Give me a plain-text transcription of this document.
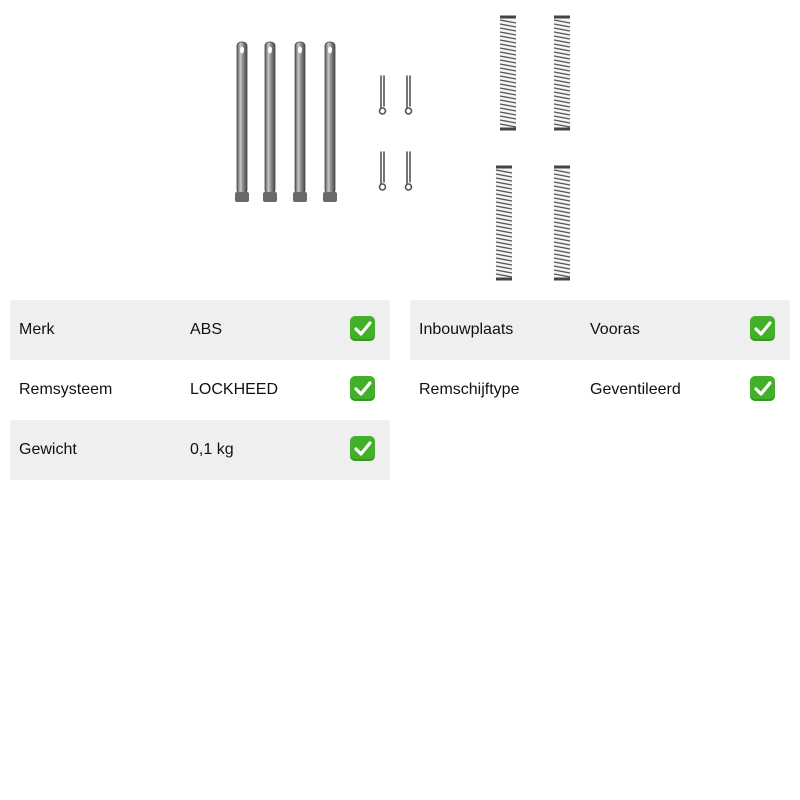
Merk	ABS
Remsysteem	LOCKHEED
Gewicht	0,1 kg
Inbouwplaats	Vooras
Remschijftype	Geventileerd
